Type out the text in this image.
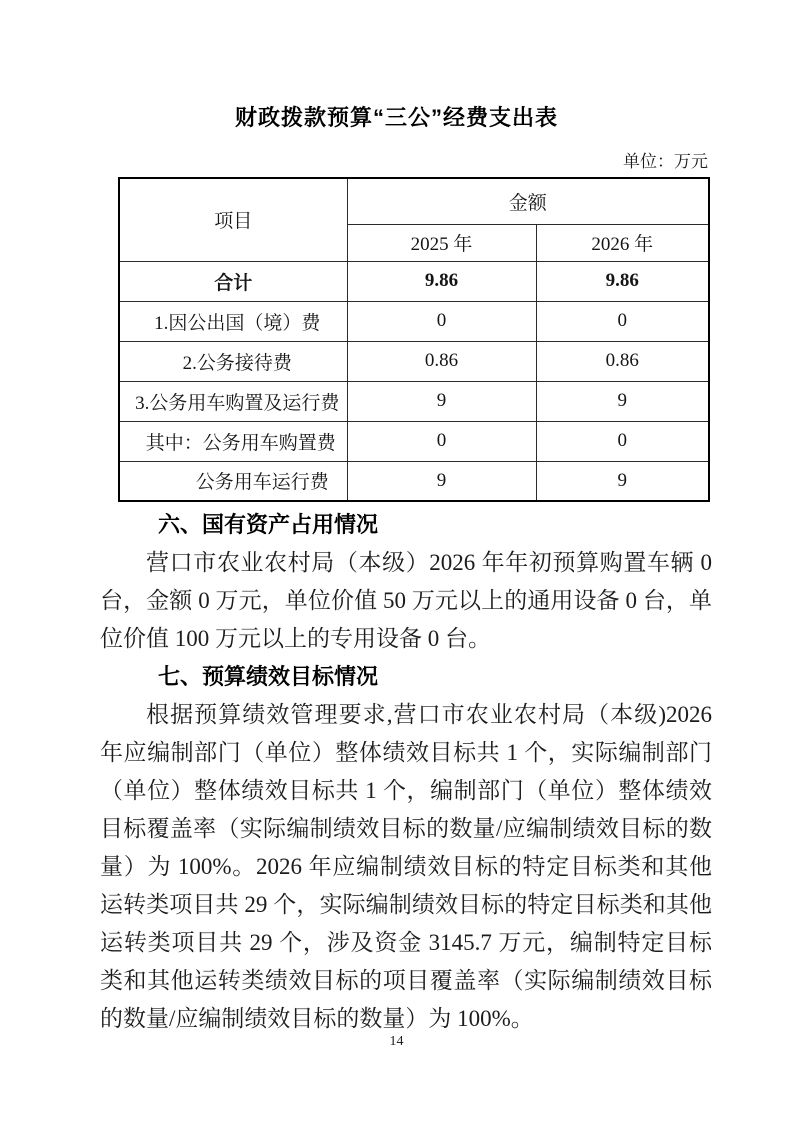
财政拨款预算“三公”经费支出表
单位：万元
项目	金额	
	2025 年	2026 年
合计	9.86	9.86
1.因公出国（境）费	0	0
2.公务接待费	0.86	0.86
3.公务用车购置及运行费	9	9
其中：公务用车购置费	0	0
公务用车运行费	9	9
六、国有资产占用情况

营口市农业农村局（本级）2026 年年初预算购置车辆 0 台，金额 0 万元，单位价值 50 万元以上的通用设备 0 台，单位价值 100 万元以上的专用设备 0 台。

七、预算绩效目标情况

根据预算绩效管理要求,营口市农业农村局（本级)2026 年应编制部门（单位）整体绩效目标共 1 个，实际编制部门（单位）整体绩效目标共 1 个，编制部门（单位）整体绩效目标覆盖率（实际编制绩效目标的数量/应编制绩效目标的数量）为 100%。2026 年应编制绩效目标的特定目标类和其他运转类项目共 29 个，实际编制绩效目标的特定目标类和其他运转类项目共 29 个，涉及资金 3145.7 万元，编制特定目标类和其他运转类绩效目标的项目覆盖率（实际编制绩效目标的数量/应编制绩效目标的数量）为 100%。

14
